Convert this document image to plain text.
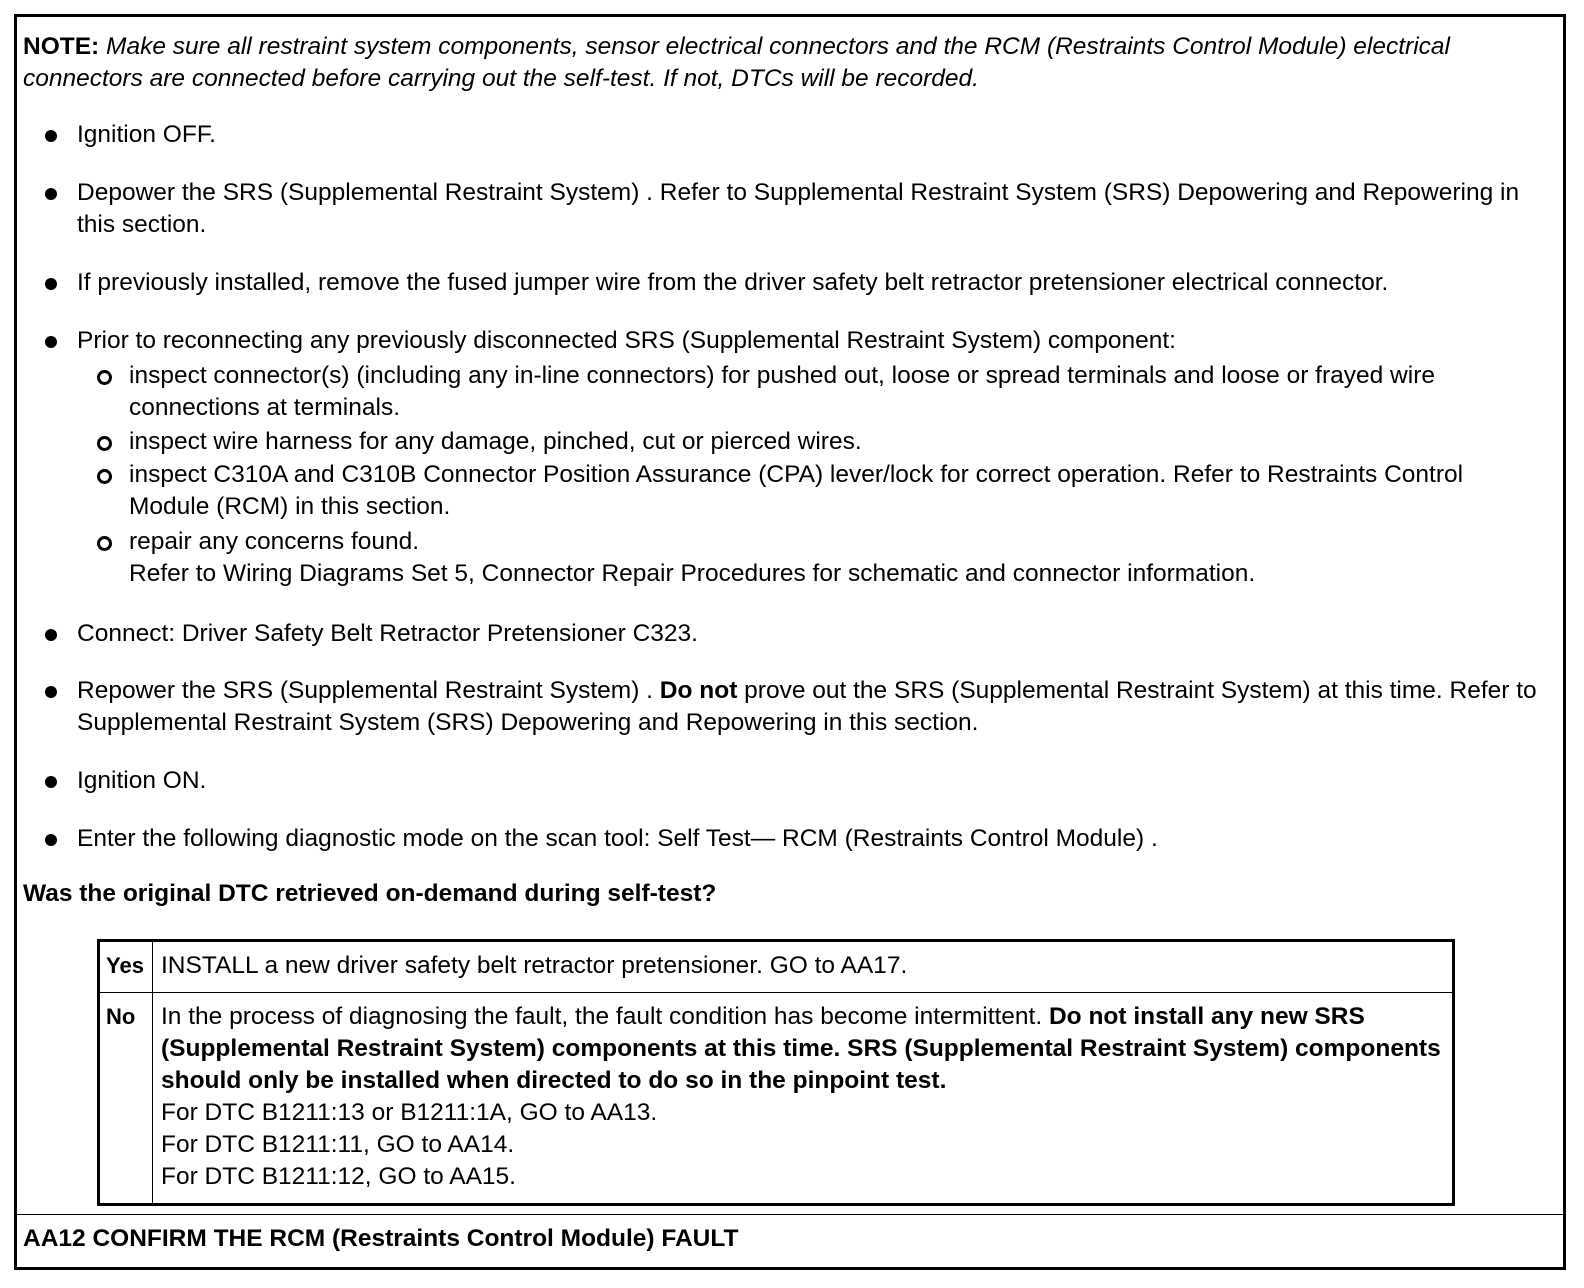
NOTE: Make sure all restraint system components, sensor electrical connectors and the RCM (Restraints Control Module) electrical connectors are connected before carrying out the self-test. If not, DTCs will be recorded.
Ignition OFF.
Depower the SRS (Supplemental Restraint System) . Refer to Supplemental Restraint System (SRS) Depowering and Repowering in this section.
If previously installed, remove the fused jumper wire from the driver safety belt retractor pretensioner electrical connector.
Prior to reconnecting any previously disconnected SRS (Supplemental Restraint System) component:
inspect connector(s) (including any in-line connectors) for pushed out, loose or spread terminals and loose or frayed wire connections at terminals.
inspect wire harness for any damage, pinched, cut or pierced wires.
inspect C310A and C310B Connector Position Assurance (CPA) lever/lock for correct operation. Refer to Restraints Control Module (RCM) in this section.
repair any concerns found.
Refer to Wiring Diagrams Set 5, Connector Repair Procedures for schematic and connector information.
Connect: Driver Safety Belt Retractor Pretensioner C323.
Repower the SRS (Supplemental Restraint System) . Do not prove out the SRS (Supplemental Restraint System) at this time. Refer to Supplemental Restraint System (SRS) Depowering and Repowering in this section.
Ignition ON.
Enter the following diagnostic mode on the scan tool: Self Test— RCM (Restraints Control Module) .
Was the original DTC retrieved on-demand during self-test?
Yes	INSTALL a new driver safety belt retractor pretensioner. GO to AA17.
No	In the process of diagnosing the fault, the fault condition has become intermittent. Do not install any new SRS (Supplemental Restraint System) components at this time. SRS (Supplemental Restraint System) components should only be installed when directed to do so in the pinpoint test.
For DTC B1211:13 or B1211:1A, GO to AA13.
For DTC B1211:11, GO to AA14.
For DTC B1211:12, GO to AA15.
AA12 CONFIRM THE RCM (Restraints Control Module) FAULT
